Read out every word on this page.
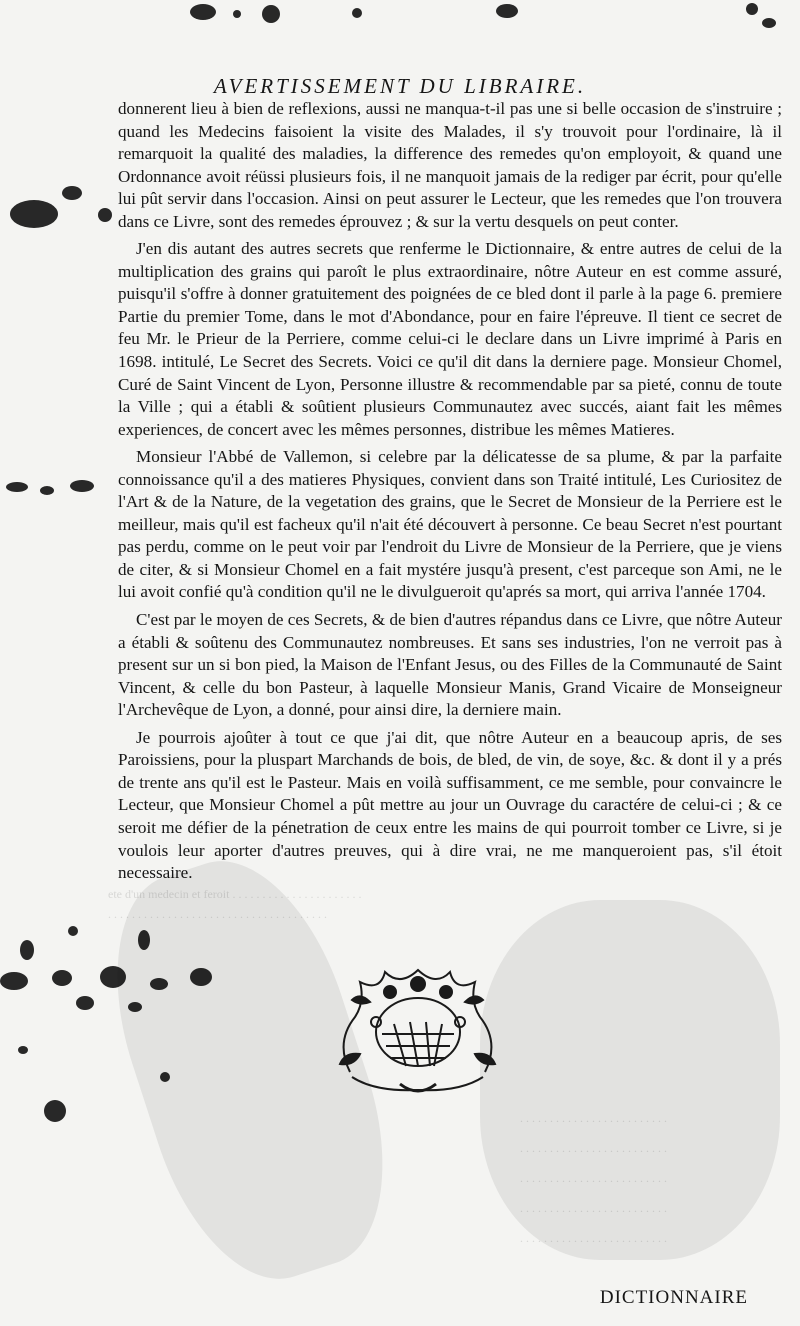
ete d'un medecin et feroit . . . . . . . . . . . . . . . . . . . . . .
. . . . . . . . . . . . . . . . . . . . . . . . . . . . . . . . . . . . .
. . . . . . . . . . . . . . . . . . . . . . . . .
. . . . . . . . . . . . . . . . . . . . . . . . .
. . . . . . . . . . . . . . . . . . . . . . . . .
. . . . . . . . . . . . . . . . . . . . . . . . .
. . . . . . . . . . . . . . . . . . . . . . . . .
AVERTISSEMENT DU LIBRAIRE.

donnerent lieu à bien de reflexions, aussi ne manqua-t-il pas une si belle occasion de s'instruire ; quand les Medecins faisoient la visite des Malades, il s'y trouvoit pour l'ordinaire, là il remarquoit la qualité des maladies, la difference des remedes qu'on employoit, & quand une Ordonnance avoit réüssi plusieurs fois, il ne manquoit jamais de la rediger par écrit, pour qu'elle lui pût servir dans l'occasion. Ainsi on peut assurer le Lecteur, que les remedes que l'on trouvera dans ce Livre, sont des remedes éprouvez ; & sur la vertu desquels on peut conter.

J'en dis autant des autres secrets que renferme le Dictionnaire, & entre autres de celui de la multiplication des grains qui paroît le plus extraordinaire, nôtre Auteur en est comme assuré, puisqu'il s'offre à donner gratuitement des poignées de ce bled dont il parle à la page 6. premiere Partie du premier Tome, dans le mot d'Abondance, pour en faire l'épreuve. Il tient ce secret de feu Mr. le Prieur de la Perriere, comme celui-ci le declare dans un Livre imprimé à Paris en 1698. intitulé, Le Secret des Secrets. Voici ce qu'il dit dans la derniere page. Monsieur Chomel, Curé de Saint Vincent de Lyon, Personne illustre & recommendable par sa pieté, connu de toute la Ville ; qui a établi & soûtient plusieurs Communautez avec succés, aiant fait les mêmes experiences, de concert avec les mêmes personnes, distribue les mêmes Matieres.

Monsieur l'Abbé de Vallemon, si celebre par la délicatesse de sa plume, & par la parfaite connoissance qu'il a des matieres Physiques, convient dans son Traité intitulé, Les Curiositez de l'Art & de la Nature, de la vegetation des grains, que le Secret de Monsieur de la Perriere est le meilleur, mais qu'il est facheux qu'il n'ait été découvert à personne. Ce beau Secret n'est pourtant pas perdu, comme on le peut voir par l'endroit du Livre de Monsieur de la Perriere, que je viens de citer, & si Monsieur Chomel en a fait mystére jusqu'à present, c'est parceque son Ami, ne le lui avoit confié qu'à condition qu'il ne le divulgueroit qu'aprés sa mort, qui arriva l'année 1704.

C'est par le moyen de ces Secrets, & de bien d'autres répandus dans ce Livre, que nôtre Auteur a établi & soûtenu des Communautez nombreuses. Et sans ses industries, l'on ne verroit pas à present sur un si bon pied, la Maison de l'Enfant Jesus, ou des Filles de la Communauté de Saint Vincent, & celle du bon Pasteur, à laquelle Monsieur Manis, Grand Vicaire de Monseigneur l'Archevêque de Lyon, a donné, pour ainsi dire, la derniere main.

Je pourrois ajoûter à tout ce que j'ai dit, que nôtre Auteur en a beaucoup apris, de ses Paroissiens, pour la pluspart Marchands de bois, de bled, de vin, de soye, &c. & dont il y a prés de trente ans qu'il est le Pasteur. Mais en voilà suffisamment, ce me semble, pour convaincre le Lecteur, que Monsieur Chomel a pût mettre au jour un Ouvrage du caractére de celui-ci ; & ce seroit me défier de la pénetration de ceux entre les mains de qui pourroit tomber ce Livre, si je voulois leur aporter d'autres preuves, qui à dire vrai, ne me manqueroient pas, s'il étoit necessaire.

DICTIONNAIRE
